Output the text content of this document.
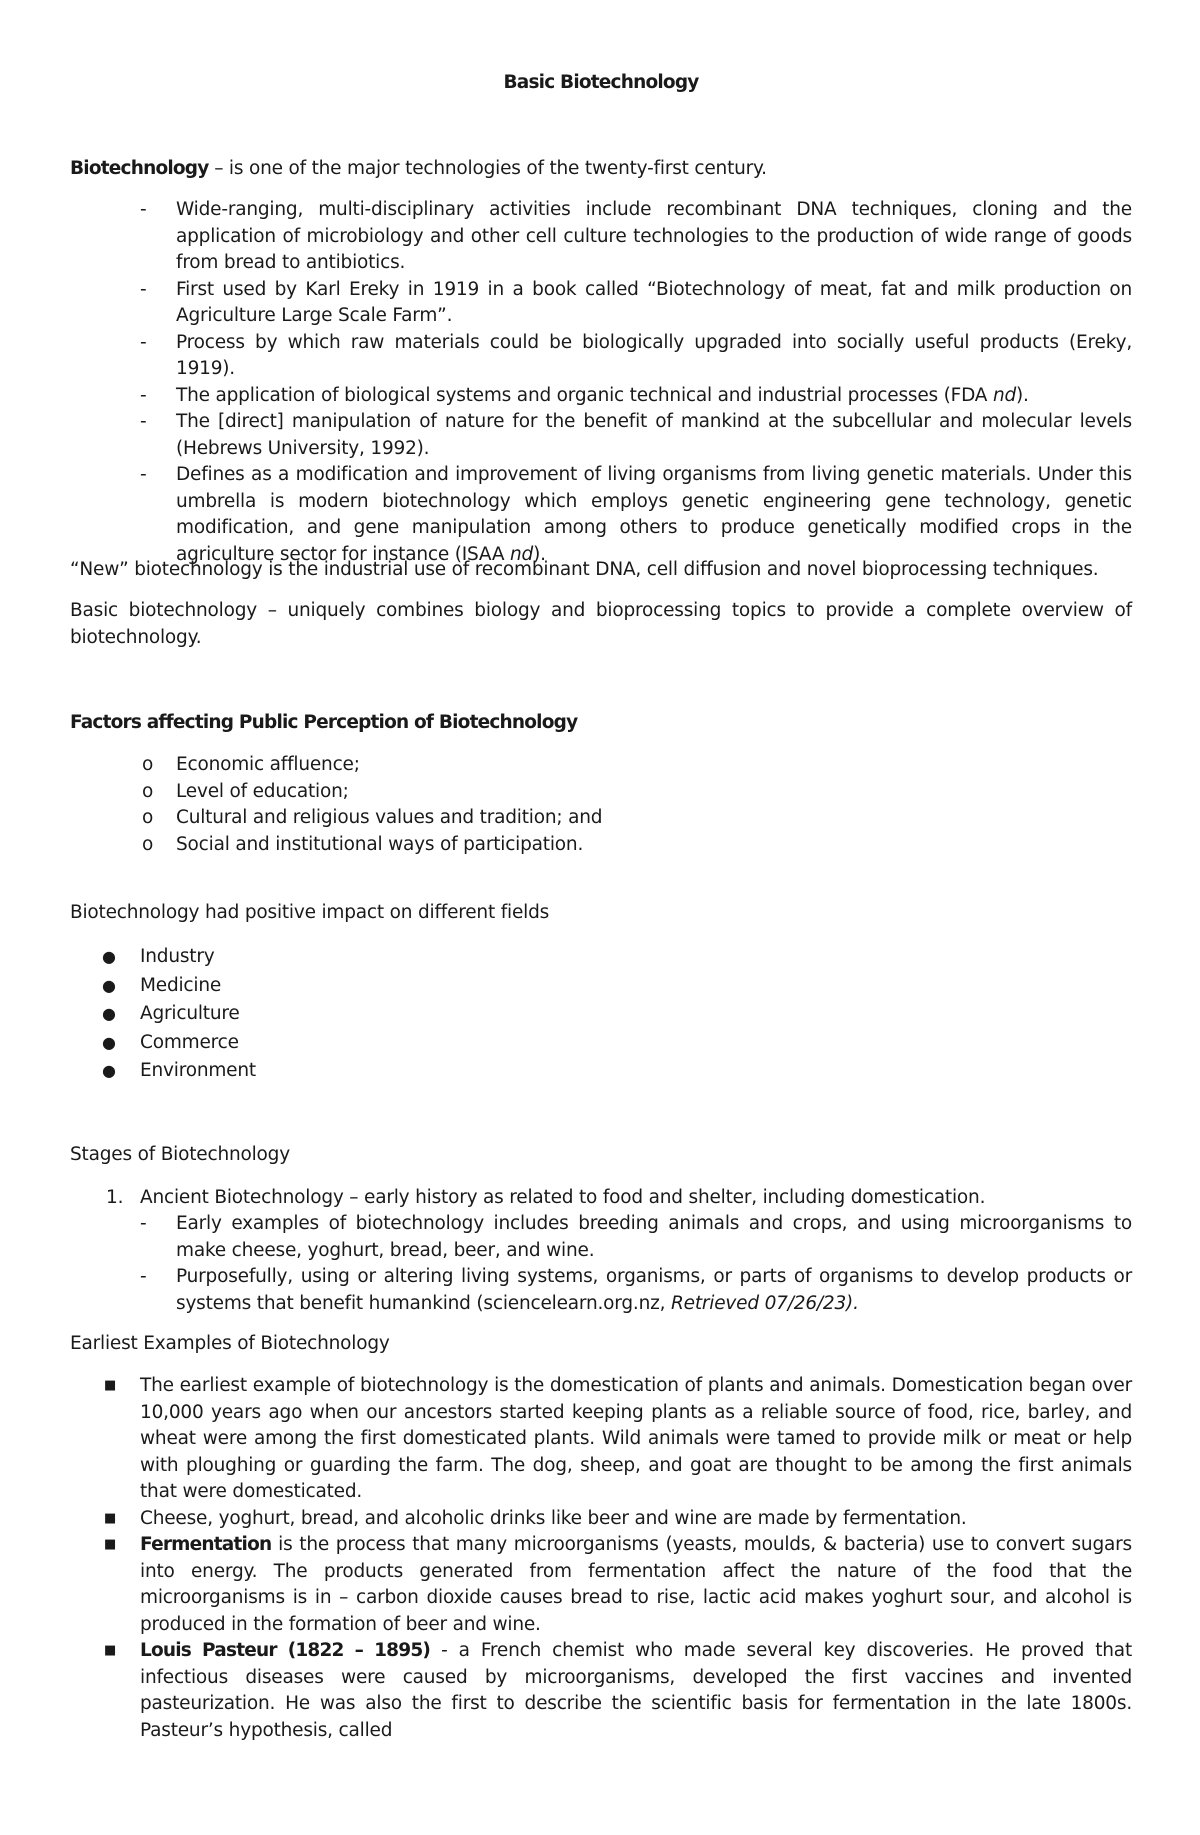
Basic Biotechnology
Biotechnology – is one of the major technologies of the twenty-first century.
- Wide-ranging, multi-disciplinary activities include recombinant DNA techniques, cloning and the application of microbiology and other cell culture technologies to the production of wide range of goods from bread to antibiotics.
- First used by Karl Ereky in 1919 in a book called “Biotechnology of meat, fat and milk production on Agriculture Large Scale Farm”.
- Process by which raw materials could be biologically upgraded into socially useful products (Ereky, 1919).
- The application of biological systems and organic technical and industrial processes (FDA nd).
- The [direct] manipulation of nature for the benefit of mankind at the subcellular and molecular levels (Hebrews University, 1992).
- Defines as a modification and improvement of living organisms from living genetic materials. Under this umbrella is modern biotechnology which employs genetic engineering gene technology, genetic modification, and gene manipulation among others to produce genetically modified crops in the agriculture sector for instance (ISAA nd).
“New” biotechnology is the industrial use of recombinant DNA, cell diffusion and novel bioprocessing techniques.
Basic biotechnology – uniquely combines biology and bioprocessing topics to provide a complete overview of biotechnology.
Factors affecting Public Perception of Biotechnology
o Economic affluence;
o Level of education;
o Cultural and religious values and tradition; and
o Social and institutional ways of participation.
Biotechnology had positive impact on different fields
● Industry
● Medicine
● Agriculture
● Commerce
● Environment
Stages of Biotechnology
1. Ancient Biotechnology – early history as related to food and shelter, including domestication.
- Early examples of biotechnology includes breeding animals and crops, and using microorganisms to make cheese, yoghurt, bread, beer, and wine.
- Purposefully, using or altering living systems, organisms, or parts of organisms to develop products or systems that benefit humankind (sciencelearn.org.nz, Retrieved 07/26/23).
Earliest Examples of Biotechnology
■ The earliest example of biotechnology is the domestication of plants and animals. Domestication began over 10,000 years ago when our ancestors started keeping plants as a reliable source of food, rice, barley, and wheat were among the first domesticated plants. Wild animals were tamed to provide milk or meat or help with ploughing or guarding the farm. The dog, sheep, and goat are thought to be among the first animals that were domesticated.
■ Cheese, yoghurt, bread, and alcoholic drinks like beer and wine are made by fermentation.
■ Fermentation is the process that many microorganisms (yeasts, moulds, & bacteria) use to convert sugars into energy. The products generated from fermentation affect the nature of the food that the microorganisms is in – carbon dioxide causes bread to rise, lactic acid makes yoghurt sour, and alcohol is produced in the formation of beer and wine.
■ Louis Pasteur (1822 – 1895) - a French chemist who made several key discoveries. He proved that infectious diseases were caused by microorganisms, developed the first vaccines and invented pasteurization. He was also the first to describe the scientific basis for fermentation in the late 1800s. Pasteur’s hypothesis, called
